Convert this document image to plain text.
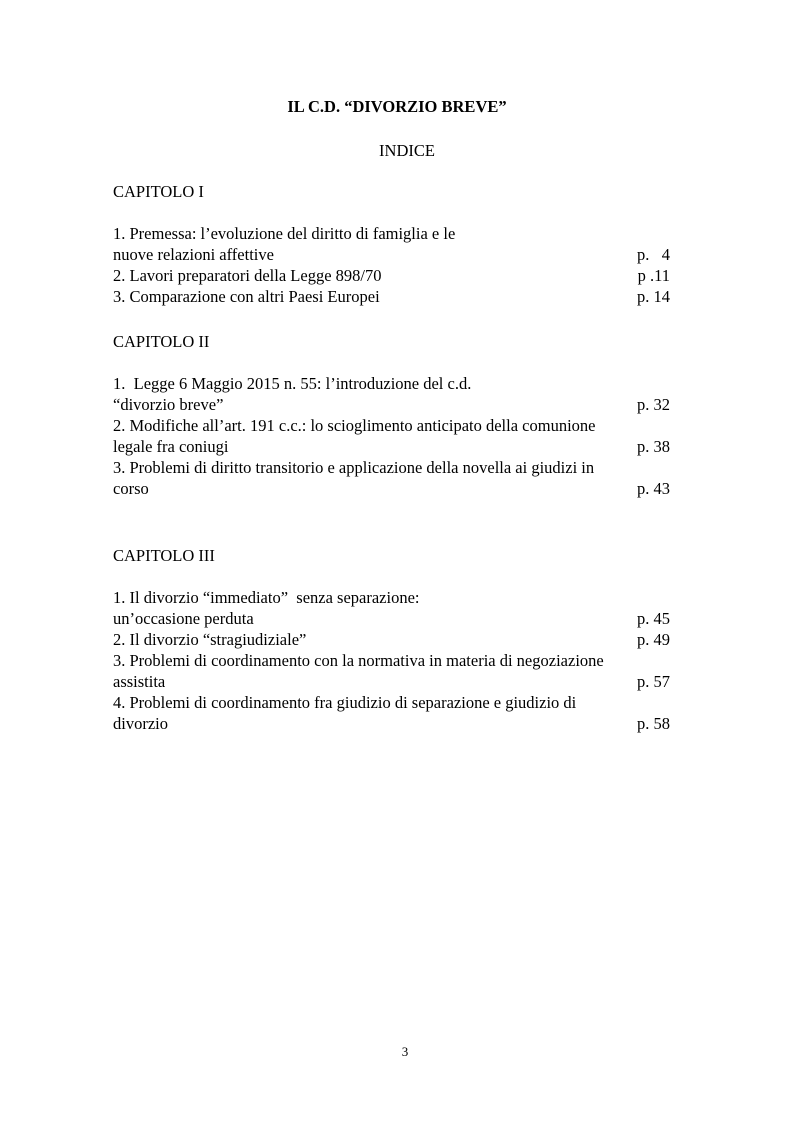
IL C.D. “DIVORZIO BREVE”
INDICE
CAPITOLO I
1. Premessa: l’evoluzione del diritto di famiglia e le
nuove relazioni affettive	p.   4
2. Lavori preparatori della Legge 898/70	p .11
3. Comparazione con altri Paesi Europei	p. 14
CAPITOLO II
1.  Legge 6 Maggio 2015 n. 55: l’introduzione del c.d.
“divorzio breve”	p. 32
2. Modifiche all’art. 191 c.c.: lo scioglimento anticipato della comunione
legale fra coniugi	p. 38
3. Problemi di diritto transitorio e applicazione della novella ai giudizi in
corso	p. 43
CAPITOLO III
1. Il divorzio “immediato”  senza separazione:
un’occasione perduta	p. 45
2. Il divorzio “stragiudiziale”	p. 49
3. Problemi di coordinamento con la normativa in materia di negoziazione
assistita	p. 57
4. Problemi di coordinamento fra giudizio di separazione e giudizio di
divorzio	p. 58
3
